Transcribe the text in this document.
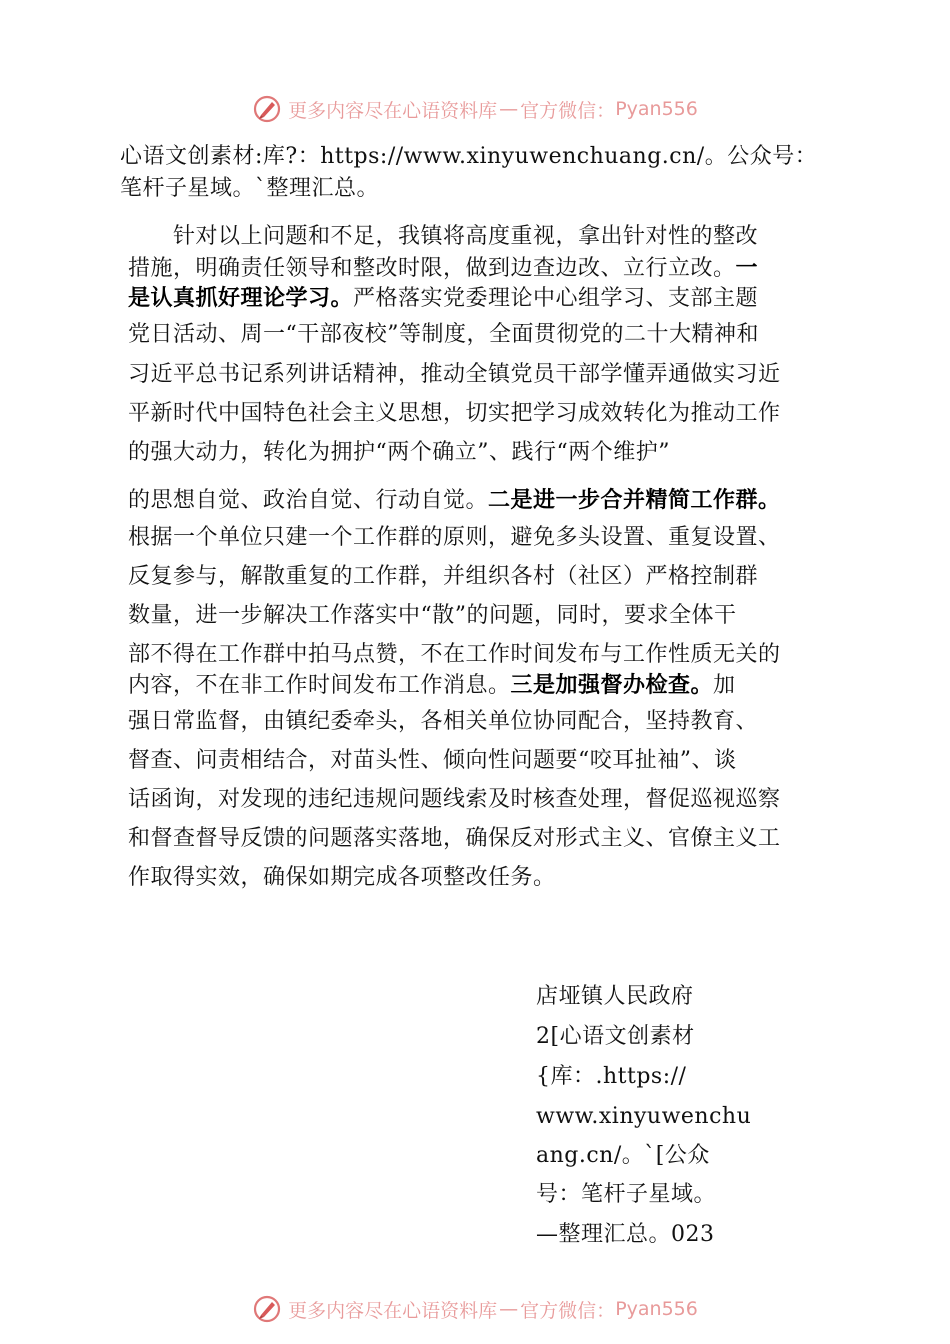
更多内容尽在心语资料库 — 官方微信： Pyan556
心语文创素材:库?：https://www.xinyuwenchuang.cn/。公众号：
笔杆子星域。`整理汇总。
　　针对以上问题和不足，我镇将高度重视，拿出针对性的整改
措施，明确责任领导和整改时限，做到边查边改、立行立改。一
是认真抓好理论学习。严格落实党委理论中心组学习、支部主题
党日活动、周一“干部夜校”等制度，全面贯彻党的二十大精神和
习近平总书记系列讲话精神，推动全镇党员干部学懂弄通做实习近
平新时代中国特色社会主义思想，切实把学习成效转化为推动工作
的强大动力，转化为拥护“两个确立”、践行“两个维护”
的思想自觉、政治自觉、行动自觉。二是进一步合并精简工作群。
根据一个单位只建一个工作群的原则，避免多头设置、重复设置、
反复参与，解散重复的工作群，并组织各村（社区）严格控制群
数量，进一步解决工作落实中“散”的问题，同时，要求全体干
部不得在工作群中拍马点赞，不在工作时间发布与工作性质无关的
内容，不在非工作时间发布工作消息。三是加强督办检查。加
强日常监督，由镇纪委牵头，各相关单位协同配合，坚持教育、
督查、问责相结合，对苗头性、倾向性问题要“咬耳扯袖”、谈
话函询，对发现的违纪违规问题线索及时核查处理，督促巡视巡察
和督查督导反馈的问题落实落地，确保反对形式主义、官僚主义工
作取得实效，确保如期完成各项整改任务。
店垭镇人民政府
2[心语文创素材
{库：.https://
www.xinyuwenchu
ang.cn/。`[公众
号：笔杆子星域。
—整理汇总。023
更多内容尽在心语资料库 — 官方微信： Pyan556
